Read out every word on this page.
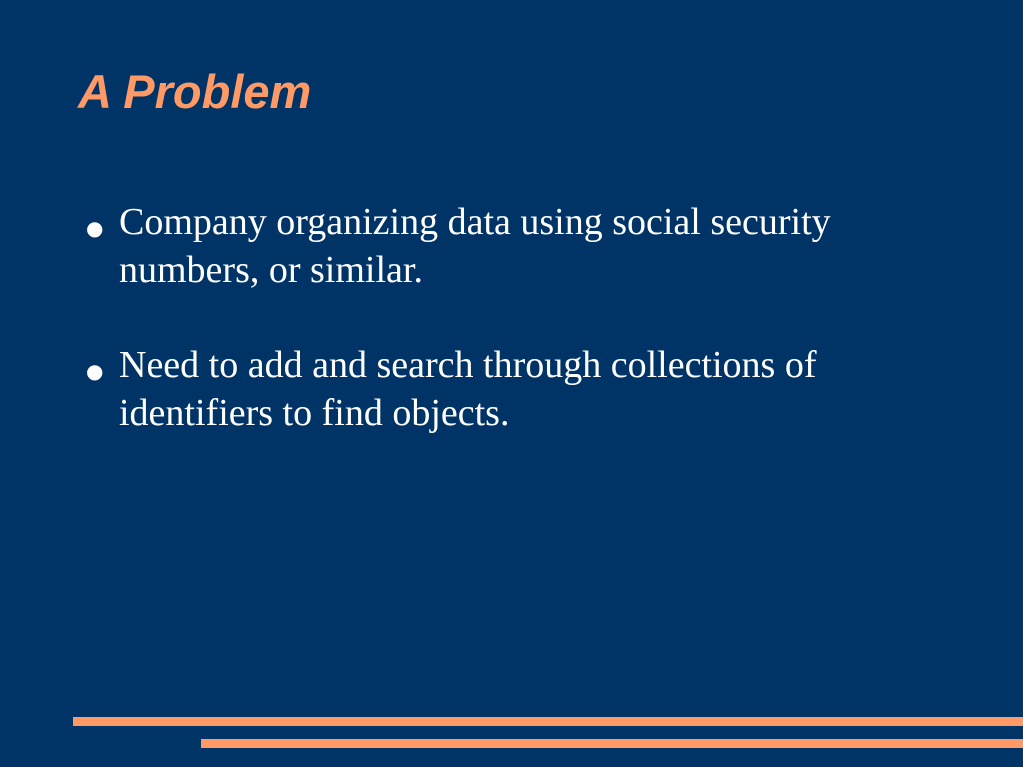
A Problem
● Company organizing data using social security numbers, or similar.
● Need to add and search through collections of identifiers to find objects.
